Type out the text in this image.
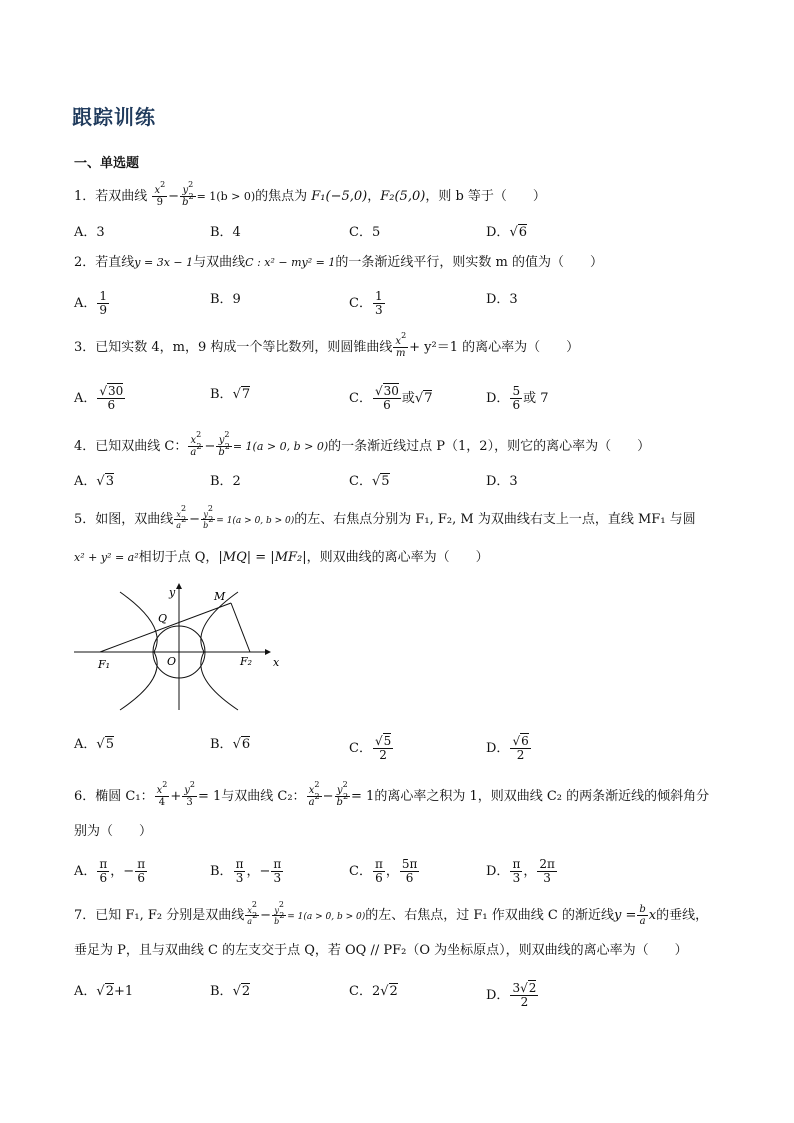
跟踪训练
一、单选题
1．若双曲线 $\frac{x^2}{9} - \frac{y^2}{b^2} = 1(b > 0)$的焦点为 F₁(−5,0)，F₂(5,0)，则 b 等于（　　）
A．3	B．4	C．5	D． √ 6
2．若直线y = 3x − 1与双曲线C : x² − my² = 1的一条渐近线平行，则实数 m 的值为（　　）
A． $\frac{1}{9}$	B．9	C． $\frac{1}{3}$	D．3
3．已知实数 4，m，9 构成一个等比数列，则圆锥曲线 $\frac{x^2}{m} + y^2=1$ 的离心率为（　　）
A． √ $\frac{30}{6}$	B． √ 7	C． √ $\frac{30}{6}$ 或 √ 7	D． $\frac{5}{6}$ 或 7
4．已知双曲线 C： $\frac{x^2}{a^2} - \frac{y^2}{b^2} = 1(a > 0$, b > 0)的一条渐近线过点 P（1，2），则它的离心率为（　　）
A． √ 3	B．2	C． √ 5	D．3
5．如图，双曲线 $\frac{x^2}{a^2} - \frac{y^2}{b^2} = 1(a > 0$, b > 0)的左、右焦点分别为 F₁, F₂, M 为双曲线右支上一点，直线 MF₁ 与圆
x² + y² = a²相切于点 Q，|MQ| = |MF₂|，则双曲线的离心率为（　　）
y
x
M
Q
O
F₁	F₂
A． √ 5	B． √ 6	C． √ $\frac{5}{2}$	D． √ $\frac{6}{2}$
6．椭圆 C₁： $\frac{x^2}{4} + \frac{y^2}{3} = 1$与双曲线 C₂： $\frac{x^2}{a^2} - \frac{y^2}{b^2} = 1$的离心率之积为 1，则双曲线 C₂ 的两条渐近线的倾斜角分
别为（　　）
A． $\frac{\pi}{6}$ ，− $\frac{\pi}{6}$	B． $\frac{\pi}{3}$ ，− $\frac{\pi}{3}$	C． $\frac{\pi}{6}$ ， $\frac{5\pi}{6}$	D． $\frac{\pi}{3}$ ， $\frac{2\pi}{3}$
7．已知 F₁, F₂ 分别是双曲线 $\frac{x^2}{a^2} - \frac{y^2}{b^2} = 1(a > 0$, b > 0)的左、右焦点，过 F₁ 作双曲线 C 的渐近线$y = \frac{b}{a}$ x的垂线，
垂足为 P，且与双曲线 C 的左支交于点 Q，若 OQ // PF₂（O 为坐标原点），则双曲线的离心率为（　　）
A． √ 2+1	B． √ 2	C．2 √ 2	D． $\frac{3 √ 2}{2}$
